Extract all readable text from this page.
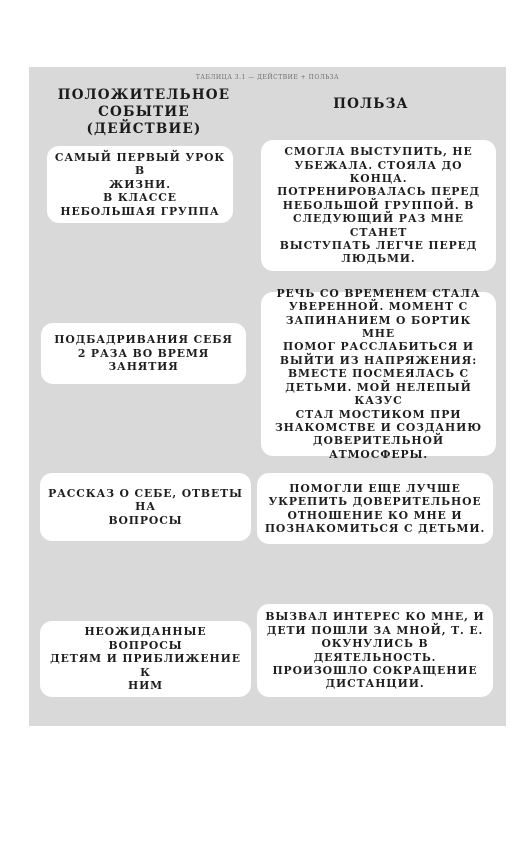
ТАБЛИЦА 3.1 — ДЕЙСТВИЕ + ПОЛЬЗА
ПОЛОЖИТЕЛЬНОЕ
СОБЫТИЕ
(ДЕЙСТВИЕ)
ПОЛЬЗА
САМЫЙ ПЕРВЫЙ УРОК В
ЖИЗНИ.
В КЛАССЕ
НЕБОЛЬШАЯ ГРУППА
СМОГЛА ВЫСТУПИТЬ, НЕ
УБЕЖАЛА. СТОЯЛА ДО КОНЦА.
ПОТРЕНИРОВАЛАСЬ ПЕРЕД
НЕБОЛЬШОЙ ГРУППОЙ. В
СЛЕДУЮЩИЙ РАЗ МНЕ СТАНЕТ
ВЫСТУПАТЬ ЛЕГЧЕ ПЕРЕД
ЛЮДЬМИ.
ПОДБАДРИВАНИЯ СЕБЯ
2 РАЗА ВО ВРЕМЯ ЗАНЯТИЯ
РЕЧЬ СО ВРЕМЕНЕМ СТАЛА
УВЕРЕННОЙ. МОМЕНТ С
ЗАПИНАНИЕМ О БОРТИК МНЕ
ПОМОГ РАССЛАБИТЬСЯ И
ВЫЙТИ ИЗ НАПРЯЖЕНИЯ:
ВМЕСТЕ ПОСМЕЯЛАСЬ С
ДЕТЬМИ. МОЙ НЕЛЕПЫЙ КАЗУС
СТАЛ МОСТИКОМ ПРИ
ЗНАКОМСТВЕ И СОЗДАНИЮ
ДОВЕРИТЕЛЬНОЙ АТМОСФЕРЫ.
РАССКАЗ О СЕБЕ, ОТВЕТЫ НА
ВОПРОСЫ
ПОМОГЛИ ЕЩЕ ЛУЧШЕ
УКРЕПИТЬ ДОВЕРИТЕЛЬНОЕ
ОТНОШЕНИЕ КО МНЕ И
ПОЗНАКОМИТЬСЯ С ДЕТЬМИ.
НЕОЖИДАННЫЕ ВОПРОСЫ
ДЕТЯМ И ПРИБЛИЖЕНИЕ К
НИМ
ВЫЗВАЛ ИНТЕРЕС КО МНЕ, И
ДЕТИ ПОШЛИ ЗА МНОЙ, Т. Е.
ОКУНУЛИСЬ В ДЕЯТЕЛЬНОСТЬ.
ПРОИЗОШЛО СОКРАЩЕНИЕ
ДИСТАНЦИИ.
